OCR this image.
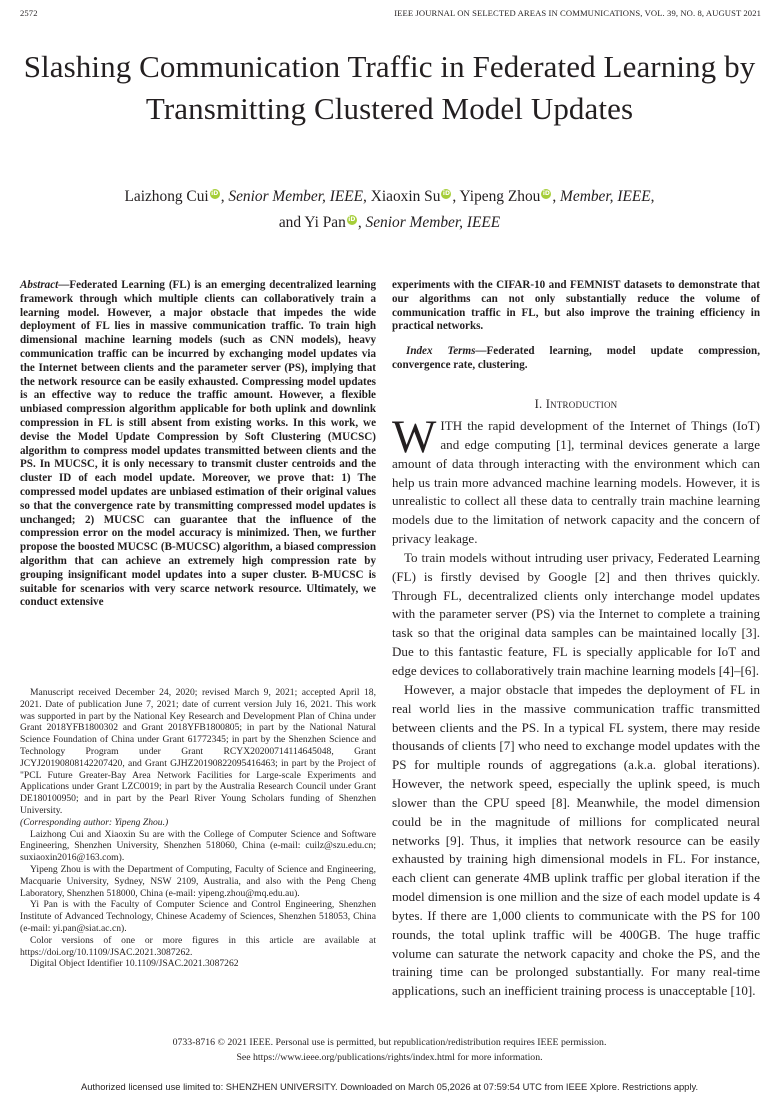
2572	IEEE JOURNAL ON SELECTED AREAS IN COMMUNICATIONS, VOL. 39, NO. 8, AUGUST 2021
Slashing Communication Traffic in Federated Learning by Transmitting Clustered Model Updates
Laizhong Cui iD , Senior Member, IEEE, Xiaoxin Su iD , Yipeng Zhou iD , Member, IEEE,
and Yi Pan iD , Senior Member, IEEE
Abstract—Federated Learning (FL) is an emerging decentralized learning framework through which multiple clients can collaboratively train a learning model. However, a major obstacle that impedes the wide deployment of FL lies in massive communication traffic. To train high dimensional machine learning models (such as CNN models), heavy communication traffic can be incurred by exchanging model updates via the Internet between clients and the parameter server (PS), implying that the network resource can be easily exhausted. Compressing model updates is an effective way to reduce the traffic amount. However, a flexible unbiased compression algorithm applicable for both uplink and downlink compression in FL is still absent from existing works. In this work, we devise the Model Update Compression by Soft Clustering (MUCSC) algorithm to compress model updates transmitted between clients and the PS. In MUCSC, it is only necessary to transmit cluster centroids and the cluster ID of each model update. Moreover, we prove that: 1) The compressed model updates are unbiased estimation of their original values so that the convergence rate by transmitting compressed model updates is unchanged; 2) MUCSC can guarantee that the influence of the compression error on the model accuracy is minimized. Then, we further propose the boosted MUCSC (B-MUCSC) algorithm, a biased compression algorithm that can achieve an extremely high compression rate by grouping insignificant model updates into a super cluster. B-MUCSC is suitable for scenarios with very scarce network resource. Ultimately, we conduct extensive
experiments with the CIFAR-10 and FEMNIST datasets to demonstrate that our algorithms can not only substantially reduce the volume of communication traffic in FL, but also improve the training efficiency in practical networks.
Index Terms—Federated learning, model update compression, convergence rate, clustering.

Manuscript received December 24, 2020; revised March 9, 2021; accepted April 18, 2021. Date of publication June 7, 2021; date of current version July 16, 2021. This work was supported in part by the National Key Research and Development Plan of China under Grant 2018YFB1800302 and Grant 2018YFB1800805; in part by the National Natural Science Foundation of China under Grant 61772345; in part by the Shenzhen Science and Technology Program under Grant RCYX20200714114645048, Grant JCYJ20190808142207420, and Grant GJHZ20190822095416463; in part by the Project of "PCL Future Greater-Bay Area Network Facilities for Large-scale Experiments and Applications under Grant LZC0019; in part by the Australia Research Council under Grant DE180100950; and in part by the Pearl River Young Scholars funding of Shenzhen University.

(Corresponding author: Yipeng Zhou.)

Laizhong Cui and Xiaoxin Su are with the College of Computer Science and Software Engineering, Shenzhen University, Shenzhen 518060, China (e-mail: cuilz@szu.edu.cn; suxiaoxin2016@163.com).

Yipeng Zhou is with the Department of Computing, Faculty of Science and Engineering, Macquarie University, Sydney, NSW 2109, Australia, and also with the Peng Cheng Laboratory, Shenzhen 518000, China (e-mail: yipeng.zhou@mq.edu.au).

Yi Pan is with the Faculty of Computer Science and Control Engineering, Shenzhen Institute of Advanced Technology, Chinese Academy of Sciences, Shenzhen 518053, China (e-mail: yi.pan@siat.ac.cn).

Color versions of one or more figures in this article are available at https://doi.org/10.1109/JSAC.2021.3087262.

Digital Object Identifier 10.1109/JSAC.2021.3087262

I. Introduction

WITH the rapid development of the Internet of Things (IoT) and edge computing [1], terminal devices generate a large amount of data through interacting with the environment which can help us train more advanced machine learning models. However, it is unrealistic to collect all these data to centrally train machine learning models due to the limitation of network capacity and the concern of privacy leakage.

To train models without intruding user privacy, Federated Learning (FL) is firstly devised by Google [2] and then thrives quickly. Through FL, decentralized clients only interchange model updates with the parameter server (PS) via the Internet to complete a training task so that the original data samples can be maintained locally [3]. Due to this fantastic feature, FL is specially applicable for IoT and edge devices to collaboratively train machine learning models [4]–[6].

However, a major obstacle that impedes the deployment of FL in real world lies in the massive communication traffic transmitted between clients and the PS. In a typical FL system, there may reside thousands of clients [7] who need to exchange model updates with the PS for multiple rounds of aggregations (a.k.a. global iterations). However, the network speed, especially the uplink speed, is much slower than the CPU speed [8]. Meanwhile, the model dimension could be in the magnitude of millions for complicated neural networks [9]. Thus, it implies that network resource can be easily exhausted by training high dimensional models in FL. For instance, each client can generate 4MB uplink traffic per global iteration if the model dimension is one million and the size of each model update is 4 bytes. If there are 1,000 clients to communicate with the PS for 100 rounds, the total uplink traffic will be 400GB. The huge traffic volume can saturate the network capacity and choke the PS, and the training time can be prolonged substantially. For many real-time applications, such an inefficient training process is unacceptable [10].

0733-8716 © 2021 IEEE. Personal use is permitted, but republication/redistribution requires IEEE permission.
See https://www.ieee.org/publications/rights/index.html for more information.
Authorized licensed use limited to: SHENZHEN UNIVERSITY. Downloaded on March 05,2026 at 07:59:54 UTC from IEEE Xplore. Restrictions apply.
